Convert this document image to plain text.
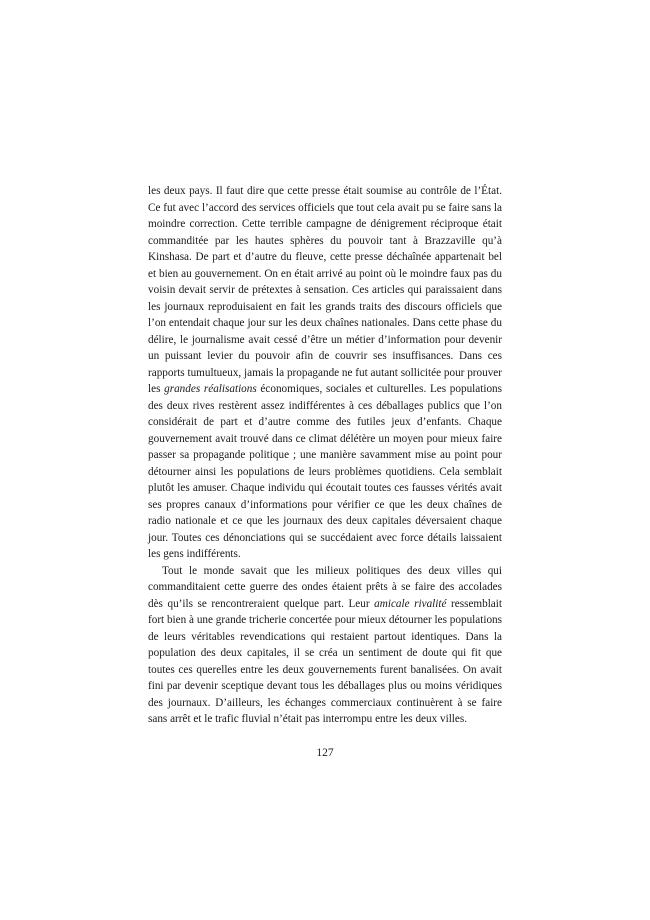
les deux pays. Il faut dire que cette presse était soumise au contrôle de l’État. Ce fut avec l’accord des services officiels que tout cela avait pu se faire sans la moindre correction. Cette terrible campagne de dénigrement réciproque était commanditée par les hautes sphères du pouvoir tant à Brazzaville qu’à Kinshasa. De part et d’autre du fleuve, cette presse déchaînée appartenait bel et bien au gouvernement. On en était arrivé au point où le moindre faux pas du voisin devait servir de prétextes à sensation. Ces articles qui paraissaient dans les journaux reproduisaient en fait les grands traits des discours officiels que l’on entendait chaque jour sur les deux chaînes nationales. Dans cette phase du délire, le journalisme avait cessé d’être un métier d’information pour devenir un puissant levier du pouvoir afin de couvrir ses insuffisances. Dans ces rapports tumultueux, jamais la propagande ne fut autant sollicitée pour prouver les grandes réalisations économiques, sociales et culturelles. Les populations des deux rives restèrent assez indifférentes à ces déballages publics que l’on considérait de part et d’autre comme des futiles jeux d’enfants. Chaque gouvernement avait trouvé dans ce climat délétère un moyen pour mieux faire passer sa propagande politique ; une manière savamment mise au point pour détourner ainsi les populations de leurs problèmes quotidiens. Cela semblait plutôt les amuser. Chaque individu qui écoutait toutes ces fausses vérités avait ses propres canaux d’informations pour vérifier ce que les deux chaînes de radio nationale et ce que les journaux des deux capitales déversaient chaque jour. Toutes ces dénonciations qui se succédaient avec force détails laissaient les gens indifférents.

Tout le monde savait que les milieux politiques des deux villes qui commanditaient cette guerre des ondes étaient prêts à se faire des accolades dès qu’ils se rencontreraient quelque part. Leur amicale rivalité ressemblait fort bien à une grande tricherie concertée pour mieux détourner les populations de leurs véritables revendications qui restaient partout identiques. Dans la population des deux capitales, il se créa un sentiment de doute qui fit que toutes ces querelles entre les deux gouvernements furent banalisées. On avait fini par devenir sceptique devant tous les déballages plus ou moins véridiques des journaux. D’ailleurs, les échanges commerciaux continuèrent à se faire sans arrêt et le trafic fluvial n’était pas interrompu entre les deux villes.

127
